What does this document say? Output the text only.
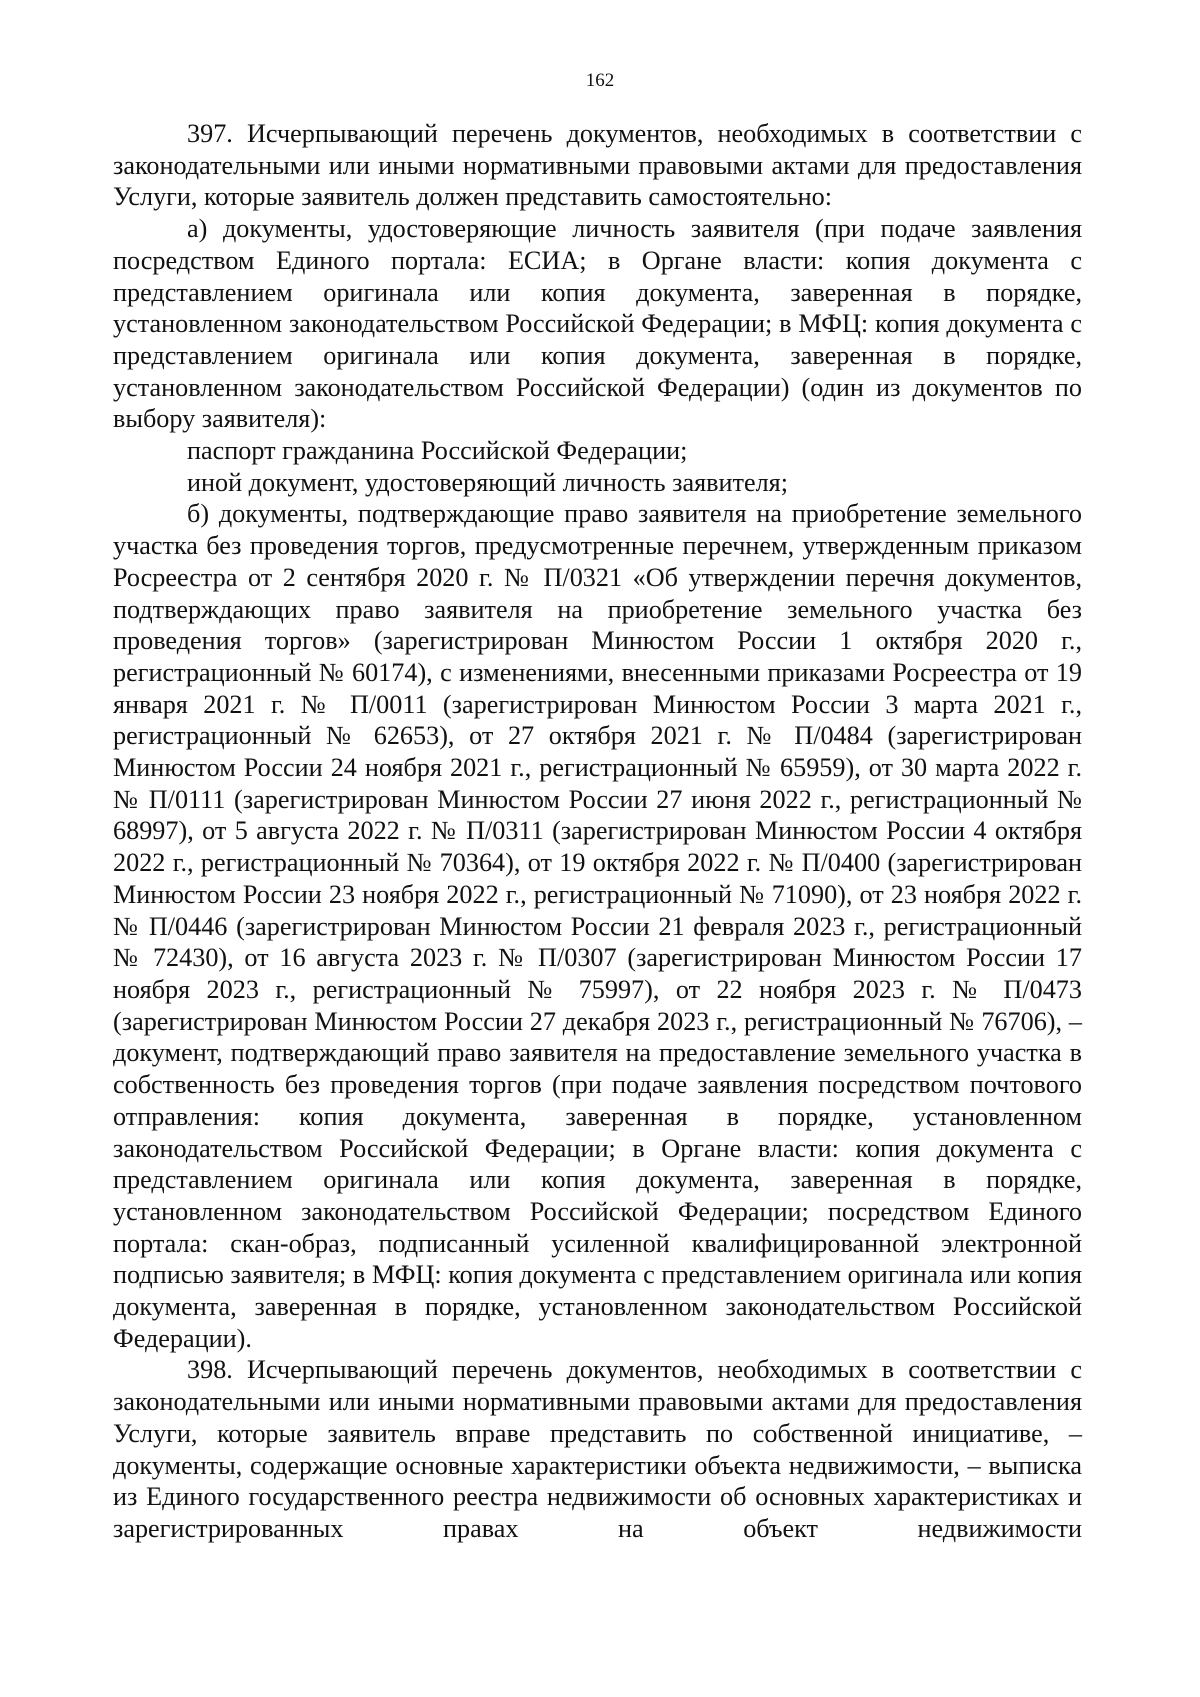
162

397. Исчерпывающий перечень документов, необходимых в соответствии с законодательными или иными нормативными правовыми актами для предоставления Услуги, которые заявитель должен представить самостоятельно:

а) документы, удостоверяющие личность заявителя (при подаче заявления посредством Единого портала: ЕСИА; в Органе власти: копия документа с представлением оригинала или копия документа, заверенная в порядке, установленном законодательством Российской Федерации; в МФЦ: копия документа с представлением оригинала или копия документа, заверенная в порядке, установленном законодательством Российской Федерации) (один из документов по выбору заявителя):

паспорт гражданина Российской Федерации;

иной документ, удостоверяющий личность заявителя;

б) документы, подтверждающие право заявителя на приобретение земельного участка без проведения торгов, предусмотренные перечнем, утвержденным приказом Росреестра от 2 сентября 2020 г. № П/0321 «Об утверждении перечня документов, подтверждающих право заявителя на приобретение земельного участка без проведения торгов» (зарегистрирован Минюстом России 1 октября 2020 г., регистрационный № 60174), с изменениями, внесенными приказами Росреестра от 19 января 2021 г. № П/0011 (зарегистрирован Минюстом России 3 марта 2021 г., регистрационный № 62653), от 27 октября 2021 г. № П/0484 (зарегистрирован Минюстом России 24 ноября 2021 г., регистрационный № 65959), от 30 марта 2022 г. № П/0111 (зарегистрирован Минюстом России 27 июня 2022 г., регистрационный № 68997), от 5 августа 2022 г. № П/0311 (зарегистрирован Минюстом России 4 октября 2022 г., регистрационный № 70364), от 19 октября 2022 г. № П/0400 (зарегистрирован Минюстом России 23 ноября 2022 г., регистрационный № 71090), от 23 ноября 2022 г. № П/0446 (зарегистрирован Минюстом России 21 февраля 2023 г., регистрационный № 72430), от 16 августа 2023 г. № П/0307 (зарегистрирован Минюстом России 17 ноября 2023 г., регистрационный № 75997), от 22 ноября 2023 г. № П/0473 (зарегистрирован Минюстом России 27 декабря 2023 г., регистрационный № 76706), – документ, подтверждающий право заявителя на предоставление земельного участка в собственность без проведения торгов (при подаче заявления посредством почтового отправления: копия документа, заверенная в порядке, установленном законодательством Российской Федерации; в Органе власти: копия документа с представлением оригинала или копия документа, заверенная в порядке, установленном законодательством Российской Федерации; посредством Единого портала: скан-образ, подписанный усиленной квалифицированной электронной подписью заявителя; в МФЦ: копия документа с представлением оригинала или копия документа, заверенная в порядке, установленном законодательством Российской Федерации).

398. Исчерпывающий перечень документов, необходимых в соответствии с законодательными или иными нормативными правовыми актами для предоставления Услуги, которые заявитель вправе представить по собственной инициативе, – документы, содержащие основные характеристики объекта недвижимости, – выписка из Единого государственного реестра недвижимости об основных характеристиках и зарегистрированных правах на объект недвижимости
